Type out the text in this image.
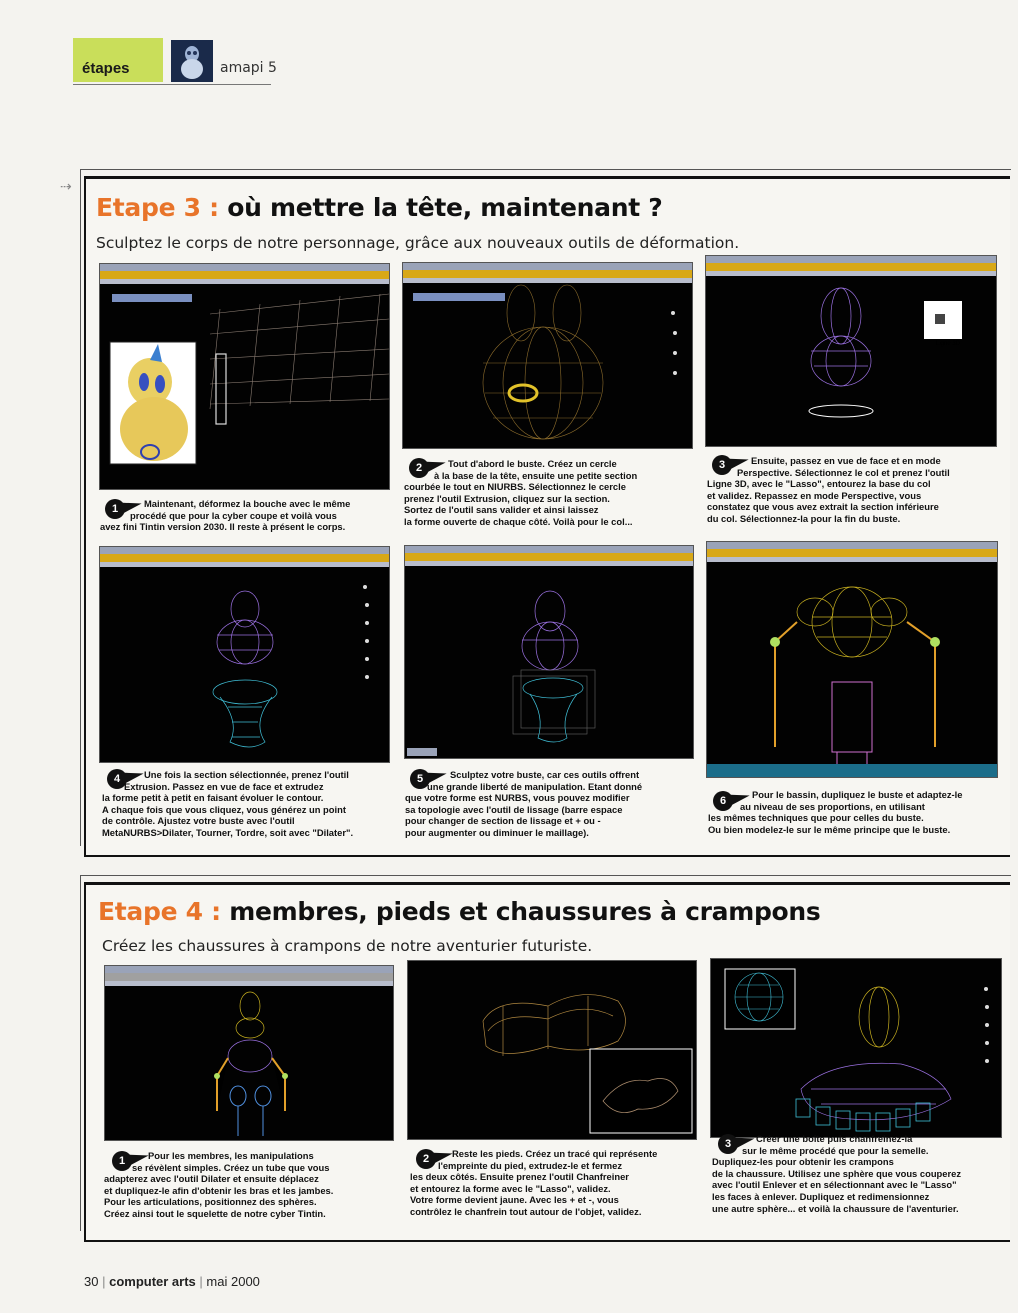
étapes	amapi 5
⇢
Etape 3 : où mettre la tête, maintenant ?
Sculptez le corps de notre personnage, grâce aux nouveaux outils de déformation.
Ligne 3D
1	Maintenant, déformez la bouche avec le même
procédé que pour la cyber coupe et voilà vous
avez fini Tintin version 2030. Il reste à présent le corps.
2	Tout d'abord le buste. Créez un cercle
à la base de la tête, ensuite une petite section
courbée le tout en NIURBS. Sélectionnez le cercle
prenez l'outil Extrusion, cliquez sur la section.
Sortez de l'outil sans valider et ainsi laissez
la forme ouverte de chaque côté. Voilà pour le col...
3	Ensuite, passez en vue de face et en mode
Perspective. Sélectionnez le col et prenez l'outil
Ligne 3D, avec le "Lasso", entourez la base du col
et validez. Repassez en mode Perspective, vous
constatez que vous avez extrait la section inférieure
du col. Sélectionnez-la pour la fin du buste.
4	Une fois la section sélectionnée, prenez l'outil
Extrusion. Passez en vue de face et extrudez
la forme petit à petit en faisant évoluer le contour.
A chaque fois que vous cliquez, vous générez un point
de contrôle. Ajustez votre buste avec l'outil
MetaNURBS>Dilater, Tourner, Tordre, soit avec "Dilater".
5	Sculptez votre buste, car ces outils offrent
une grande liberté de manipulation. Etant donné
que votre forme est NURBS, vous pouvez modifier
sa topologie avec l'outil de lissage (barre espace
pour changer de section de lissage et + ou -
pour augmenter ou diminuer le maillage).
6
Pour le bassin, dupliquez le buste et adaptez-le
au niveau de ses proportions, en utilisant
les mêmes techniques que pour celles du buste.
Ou bien modelez-le sur le même principe que le buste.
Etape 4 : membres, pieds et chaussures à crampons
Créez les chaussures à crampons de notre aventurier futuriste.
1	Pour les membres, les manipulations
se révèlent simples. Créez un tube que vous
adapterez avec l'outil Dilater et ensuite déplacez
et dupliquez-le afin d'obtenir les bras et les jambes.
Pour les articulations, positionnez des sphères.
Créez ainsi tout le squelette de notre cyber Tintin.
2	Reste les pieds. Créez un tracé qui représente
l'empreinte du pied, extrudez-le et fermez
les deux côtés. Ensuite prenez l'outil Chanfreiner
et entourez la forme avec le "Lasso", validez.
Votre forme devient jaune. Avec les + et -, vous
contrôlez le chanfrein tout autour de l'objet, validez.
3	Créer une boîte puis chanfreinez-la
sur le même procédé que pour la semelle.
Dupliquez-les pour obtenir les crampons
de la chaussure. Utilisez une sphère que vous couperez
avec l'outil Enlever et en sélectionnant avec le "Lasso"
les faces à enlever. Dupliquez et redimensionnez
une autre sphère... et voilà la chaussure de l'aventurier.
30 | computer arts | mai 2000
